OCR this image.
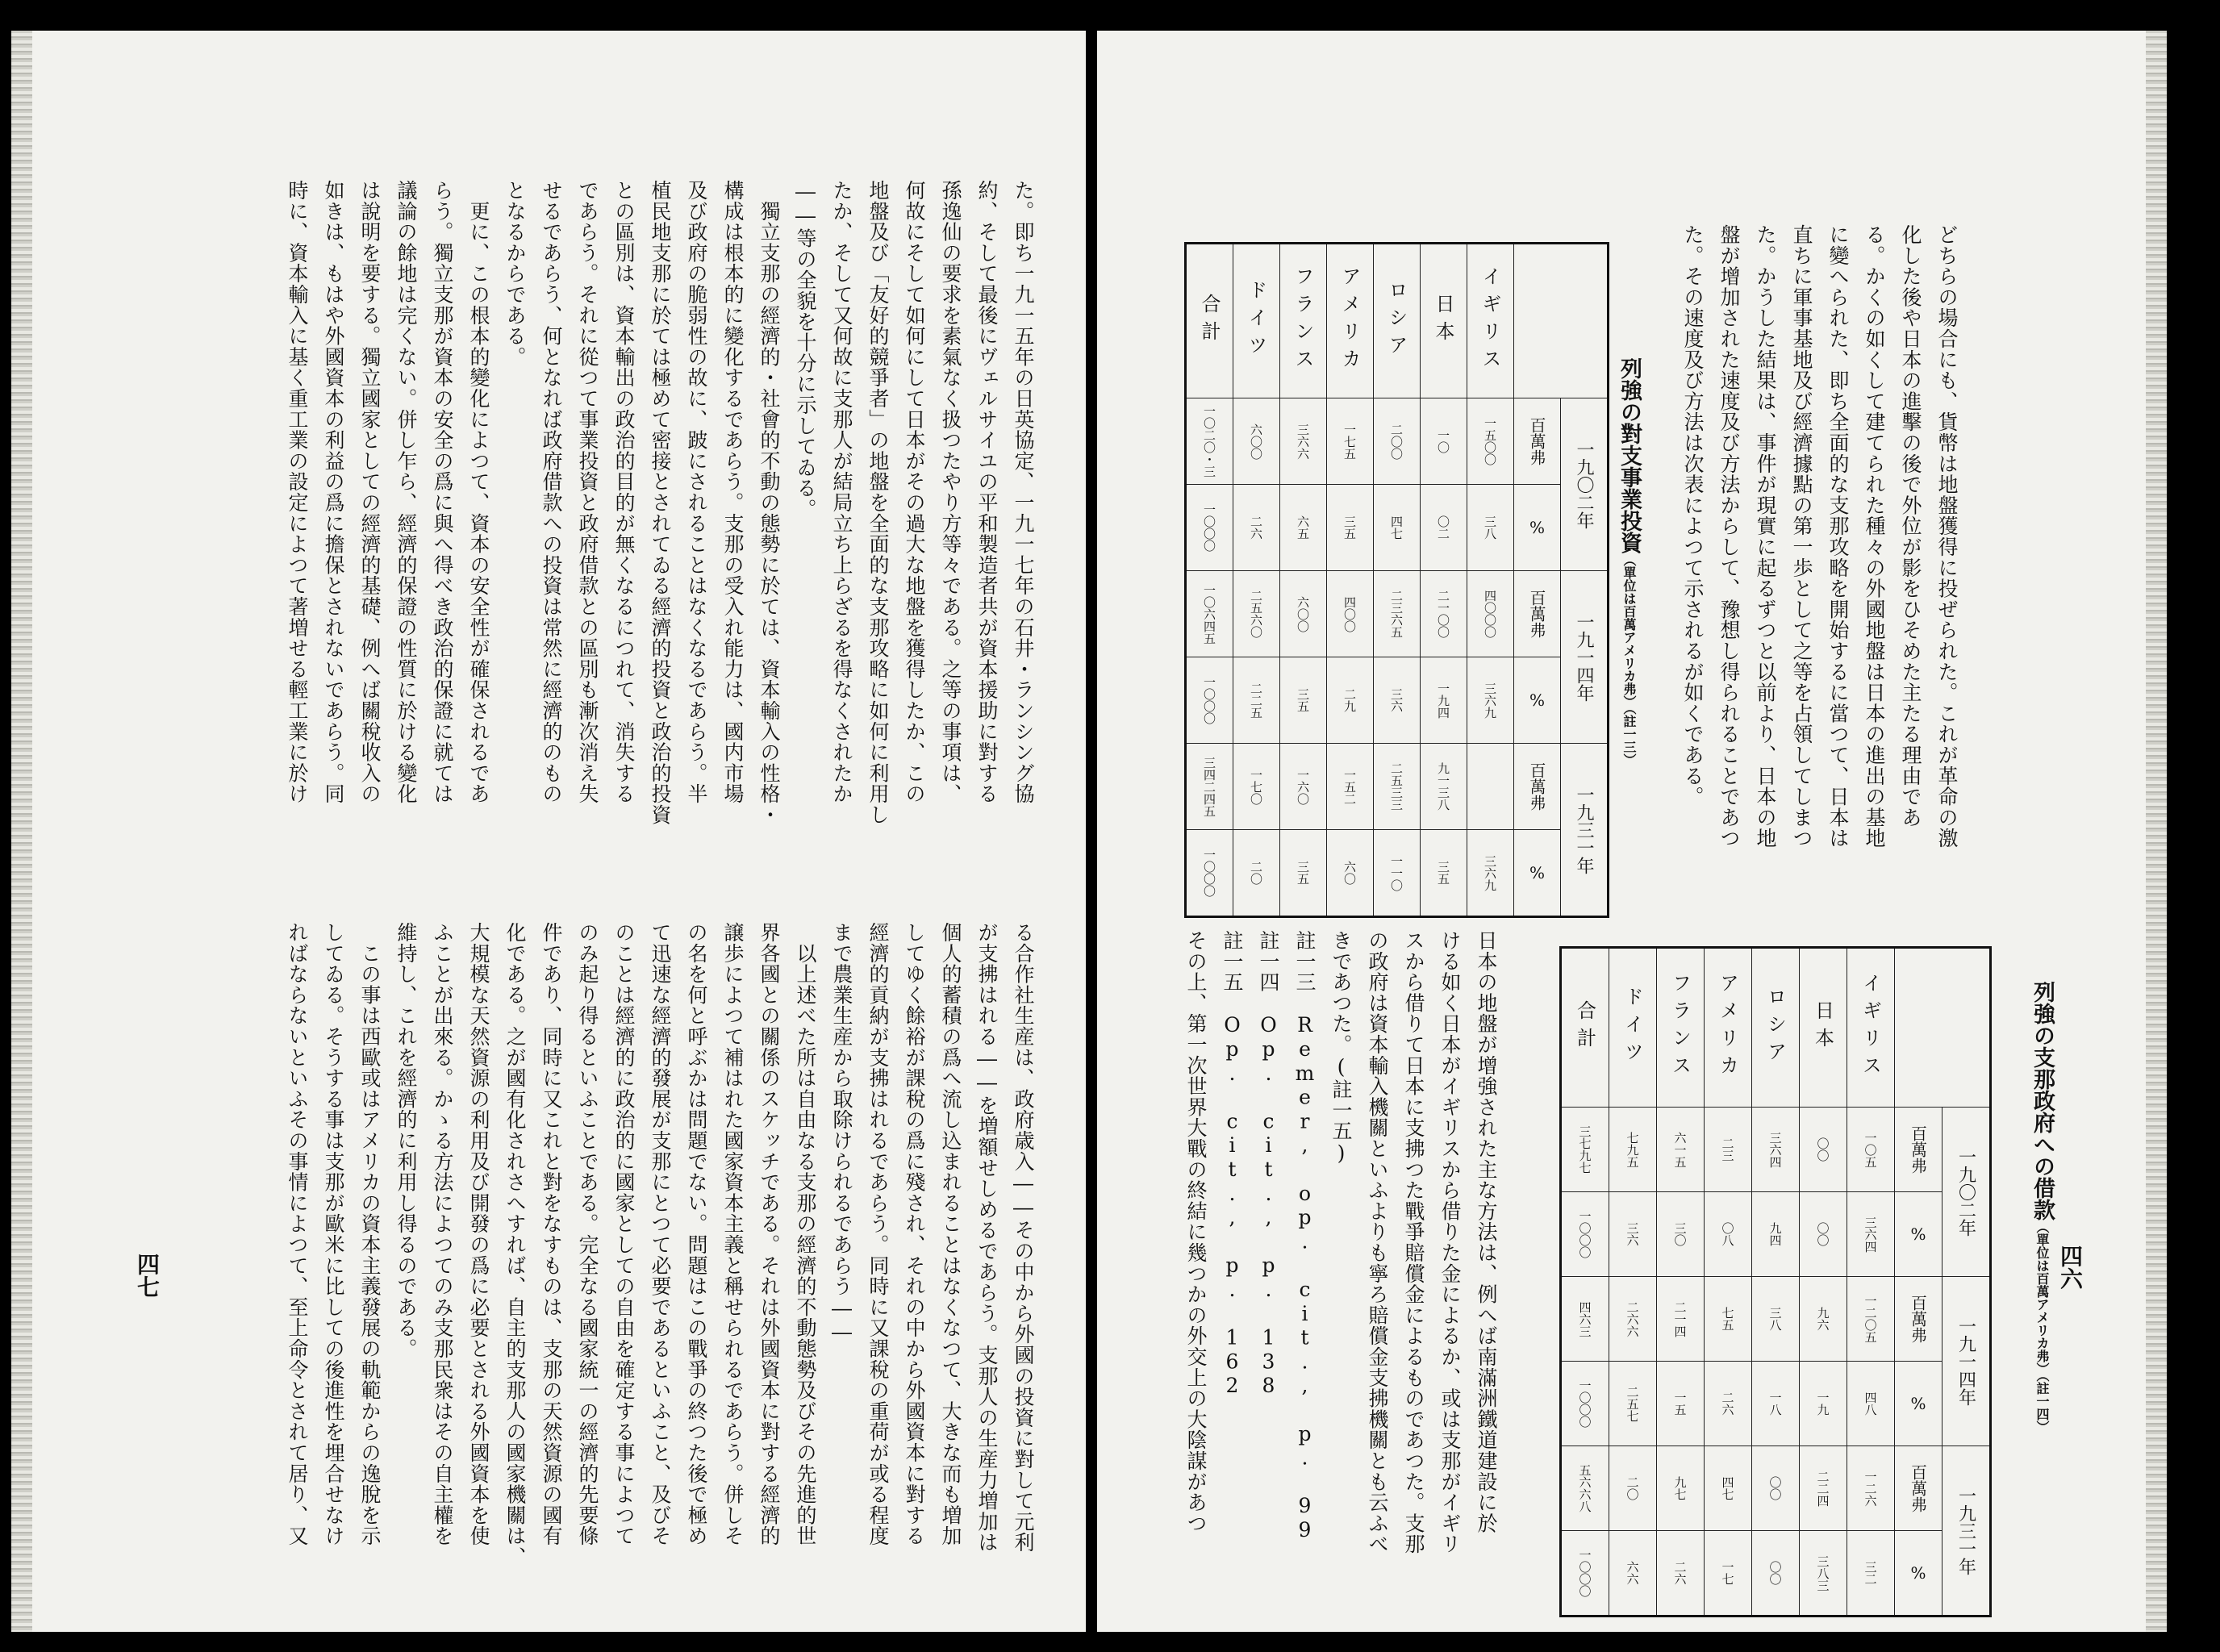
た。即ち一九一五年の日英協定、一九一七年の石井・ランシング協
約、そして最後にヴェルサイユの平和製造者共が資本援助に對する
孫逸仙の要求を素氣なく扱つたやり方等々である。之等の事項は、
何故にそして如何にして日本がその過大な地盤を獲得したか、この
地盤及び「友好的競爭者」の地盤を全面的な支那攻略に如何に利用し
たか、そして又何故に支那人が結局立ち上らざるを得なくされたか
――等の全貌を十分に示してゐる。
　獨立支那の經濟的・社會的不動の態勢に於ては、資本輸入の性格・
構成は根本的に變化するであらう。支那の受入れ能力は、國内市場
及び政府の脆弱性の故に、跛にされることはなくなるであらう。半
植民地支那に於ては極めて密接とされてゐる經濟的投資と政治的投資
との區別は、資本輸出の政治的目的が無くなるにつれて、消失する
であらう。それに從つて事業投資と政府借款との區別も漸次消え失
せるであらう、何となれば政府借款への投資は常然に經濟的のもの
となるからである。
　更に、この根本的變化によつて、資本の安全性が確保されるであ
らう。獨立支那が資本の安全の爲に與へ得べき政治的保證に就ては
議論の餘地は完くない。併し乍ら、經濟的保證の性質に於ける變化
は說明を要する。獨立國家としての經濟的基礎、例へば關稅收入の
如きは、もはや外國資本の利益の爲に擔保とされないであらう。同
時に、資本輸入に基く重工業の設定によつて著増せる輕工業に於け
る合作社生産は、政府歳入――その中から外國の投資に對して元利
が支拂はれる――を増額せしめるであらう。支那人の生産力増加は
個人的蓄積の爲へ流し込まれることはなくなつて、大きな而も増加
してゆく餘裕が課稅の爲に殘され、それの中から外國資本に對する
經濟的貢納が支拂はれるであらう。同時に又課稅の重荷が或る程度
まで農業生産から取除けられるであらう――
　以上述べた所は自由なる支那の經濟的不動態勢及びその先進的世
界各國との關係のスケッチである。それは外國資本に對する經濟的
譲歩によつて補はれた國家資本主義と稱せられるであらう。併しそ
の名を何と呼ぶかは問題でない。問題はこの戰爭の終つた後で極め
て迅速な經濟的發展が支那にとつて必要であるといふこと、及びそ
のことは經濟的に政治的に國家としての自由を確定する事によつて
のみ起り得るといふことである。完全なる國家統一の經濟的先要條
件であり、同時に又これと對をなすものは、支那の天然資源の國有
化である。之が國有化されさへすれば、自主的支那人の國家機關は、
大規模な天然資源の利用及び開發の爲に必要とされる外國資本を使
ふことが出來る。かゝる方法によつてのみ支那民衆はその自主權を
維持し、これを經濟的に利用し得るのである。
　この事は西歐或はアメリカの資本主義發展の軌範からの逸脫を示
してゐる。そうする事は支那が歐米に比しての後進性を埋合せなけ
ればならないといふその事情によつて、至上命令とされて居り、又
四七
どちらの場合にも、貨幣は地盤獲得に投ぜられた。これが革命の激
化した後や日本の進擊の後で外位が影をひそめた主たる理由であ
る。かくの如くして建てられた種々の外國地盤は日本の進出の基地
に變へられた、即ち全面的な支那攻略を開始するに當つて、日本は
直ちに軍事基地及び經濟據點の第一歩として之等を占領してしまつ
た。かうした結果は、事件が現實に起るずつと以前より、日本の地
盤が增加された速度及び方法からして、豫想し得られることであつ
た。その速度及び方法は次表によつて示されるが如くである。
列強の對支事業投資（單位は百萬アメリカ弗）（註一三）
	一九〇二年	一九一四年	一九三一年
百萬弗	%	百萬弗	%	百萬弗	%
イギリス	一五〇〇	三八	四〇〇〇	三六九		三六九
日本	一〇	〇二	二一〇〇	一九四	九一三八	三五
ロシア	二〇〇	四七	二三六五	三六	二五三三	一一〇
アメリカ	一七五	三五	四〇〇	二九	一五二	六〇
フランス	三六六	六五	六〇〇	三五	一六〇	三五
ドイツ	六〇〇	二六	二五六〇	二二五	一七〇	二〇
合計	一〇二〇・三	一〇〇〇	一〇六四五	一〇〇〇	三四二四五	一〇〇〇
列強の支那政府への借款（單位は百萬アメリカ弗）（註一四）
	一九〇二年	一九一四年	一九三一年
百萬弗	%	百萬弗	%	百萬弗	%
イギリス	一〇五	三六四	一二〇五	四八	一二六	三二
日本	〇〇	〇〇	九六	一九	二二四	三八三
ロシア	三六四	九四	三八	一八	〇〇	〇〇
アメリカ	二三	〇八	七五	二六	四七	一七
フランス	六一五	三〇	二一四	一五	九七	二六
ドイツ	七九五	三六	二六六	二五七	二〇	六六
合計	三七九七	一〇〇〇	四六三	一〇〇〇	五六六八	一〇〇〇
日本の地盤が增強された主な方法は、例へば南滿洲鐵道建設に於
ける如く日本がイギリスから借りた金によるか、或は支那がイギリ
スから借りて日本に支拂つた戰爭賠償金によるものであつた。支那
の政府は資本輸入機關といふよりも寧ろ賠償金支拂機關とも云ふべ
きであつた。(註一五)
註一三　Remer, op. cit., p. 99
註一四　Op. cit., p. 138
註一五　Op. cit., p. 162
その上、第一次世界大戰の終結に幾つかの外交上の大陰謀があつ	四六
